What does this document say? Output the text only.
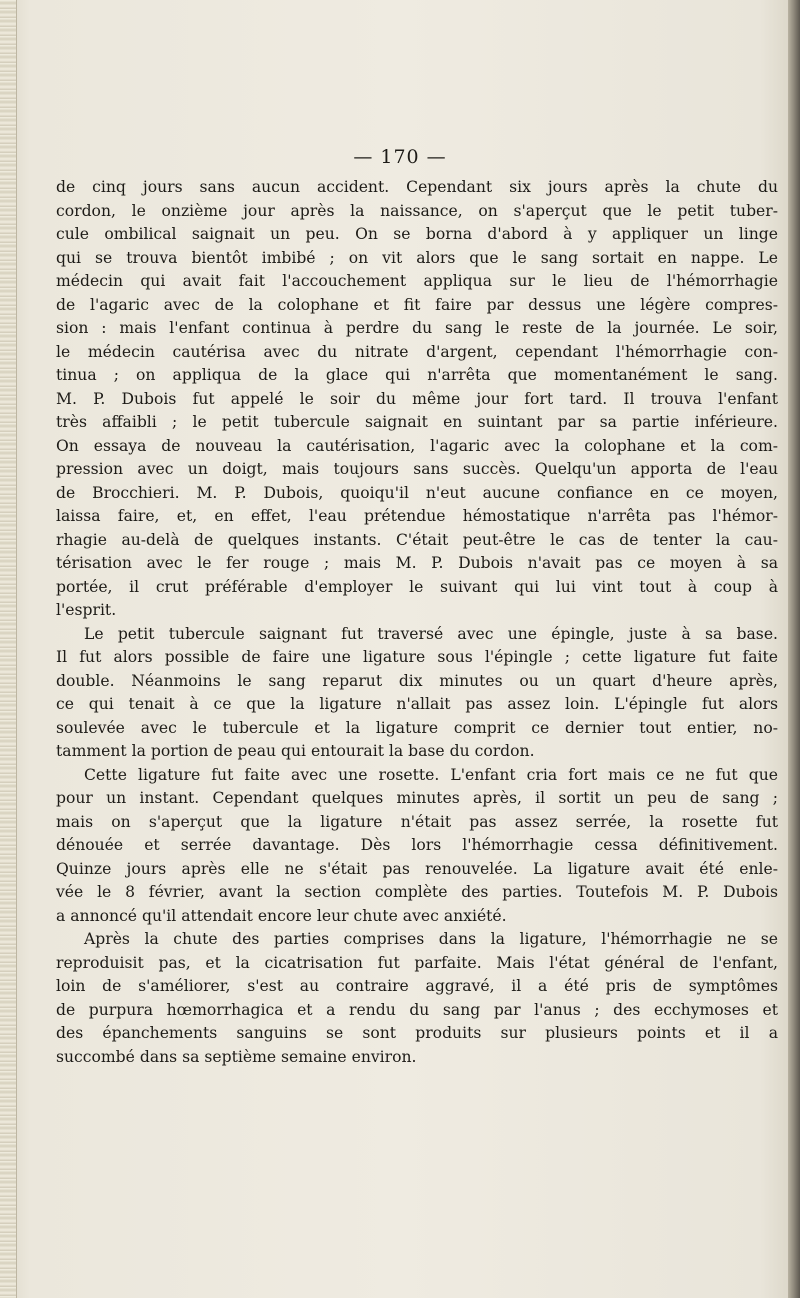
— 170 —
de cinq jours sans aucun accident. Cependant six jours après la chute du
cordon, le onzième jour après la naissance, on s'aperçut que le petit tuber-
cule ombilical saignait un peu. On se borna d'abord à y appliquer un linge
qui se trouva bientôt imbibé ; on vit alors que le sang sortait en nappe. Le
médecin qui avait fait l'accouchement appliqua sur le lieu de l'hémorrhagie
de l'agaric avec de la colophane et fit faire par dessus une légère compres-
sion : mais l'enfant continua à perdre du sang le reste de la journée. Le soir,
le médecin cautérisa avec du nitrate d'argent, cependant l'hémorrhagie con-
tinua ; on appliqua de la glace qui n'arrêta que momentanément le sang.
M. P. Dubois fut appelé le soir du même jour fort tard. Il trouva l'enfant
très affaibli ; le petit tubercule saignait en suintant par sa partie inférieure.
On essaya de nouveau la cautérisation, l'agaric avec la colophane et la com-
pression avec un doigt, mais toujours sans succès. Quelqu'un apporta de l'eau
de Brocchieri. M. P. Dubois, quoiqu'il n'eut aucune confiance en ce moyen,
laissa faire, et, en effet, l'eau prétendue hémostatique n'arrêta pas l'hémor-
rhagie au-delà de quelques instants. C'était peut-être le cas de tenter la cau-
térisation avec le fer rouge ; mais M. P. Dubois n'avait pas ce moyen à sa
portée, il crut préférable d'employer le suivant qui lui vint tout à coup à
l'esprit.
Le petit tubercule saignant fut traversé avec une épingle, juste à sa base.
Il fut alors possible de faire une ligature sous l'épingle ; cette ligature fut faite
double. Néanmoins le sang reparut dix minutes ou un quart d'heure après,
ce qui tenait à ce que la ligature n'allait pas assez loin. L'épingle fut alors
soulevée avec le tubercule et la ligature comprit ce dernier tout entier, no-
tamment la portion de peau qui entourait la base du cordon.
Cette ligature fut faite avec une rosette. L'enfant cria fort mais ce ne fut que
pour un instant. Cependant quelques minutes après, il sortit un peu de sang ;
mais on s'aperçut que la ligature n'était pas assez serrée, la rosette fut
dénouée et serrée davantage. Dès lors l'hémorrhagie cessa définitivement.
Quinze jours après elle ne s'était pas renouvelée. La ligature avait été enle-
vée le 8 février, avant la section complète des parties. Toutefois M. P. Dubois
a annoncé qu'il attendait encore leur chute avec anxiété.
Après la chute des parties comprises dans la ligature, l'hémorrhagie ne se
reproduisit pas, et la cicatrisation fut parfaite. Mais l'état général de l'enfant,
loin de s'améliorer, s'est au contraire aggravé, il a été pris de symptômes
de purpura hœmorrhagica et a rendu du sang par l'anus ; des ecchymoses et
des épanchements sanguins se sont produits sur plusieurs points et il a
succombé dans sa septième semaine environ.
